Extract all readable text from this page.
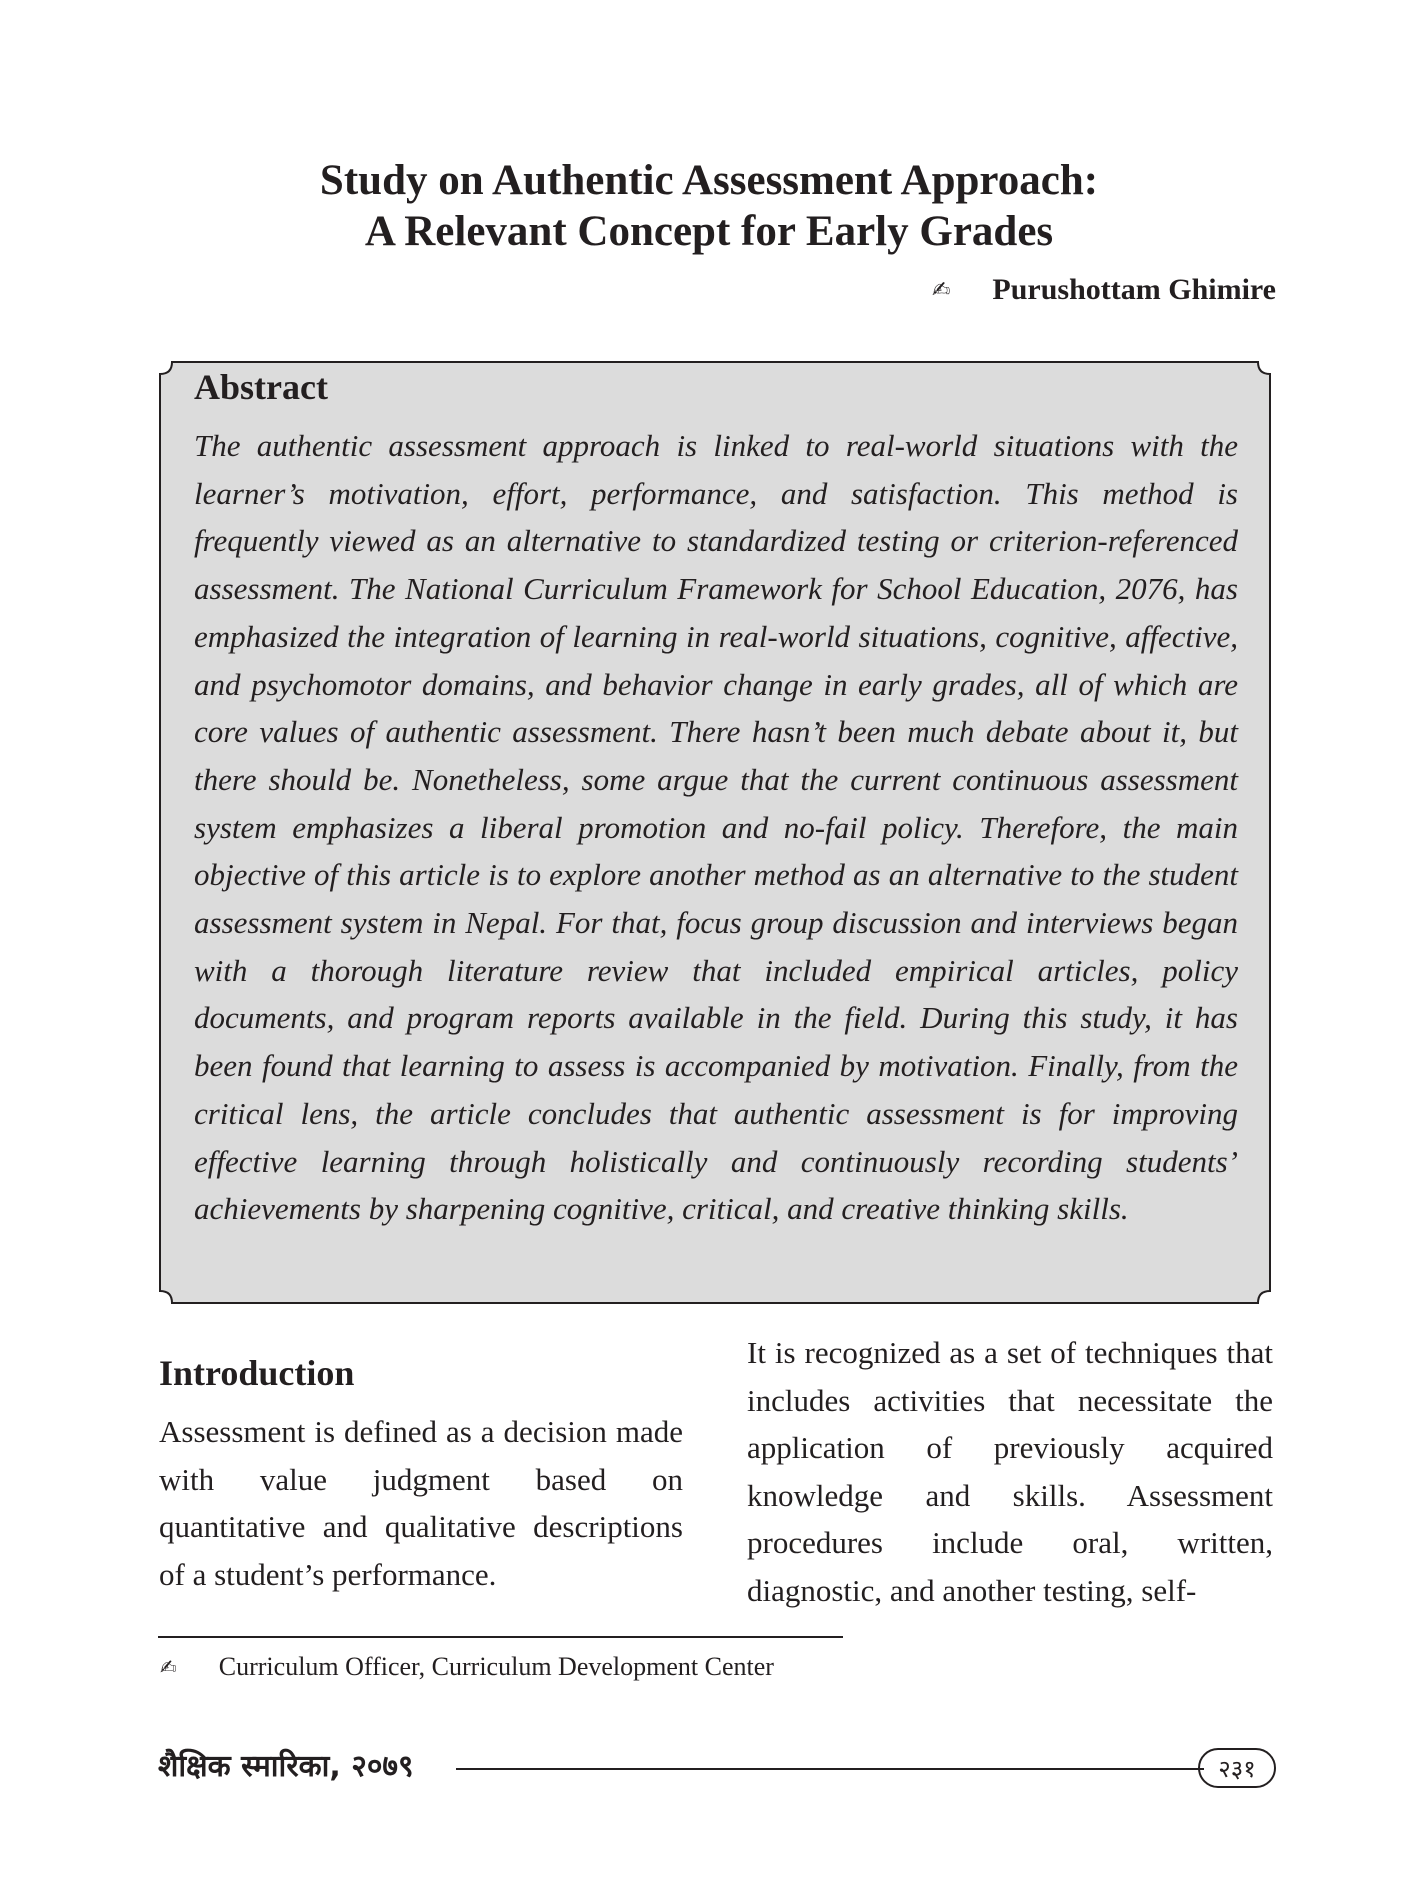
Study on Authentic Assessment Approach:
A Relevant Concept for Early Grades
✍ Purushottam Ghimire
Abstract
The authentic assessment approach is linked to real-world situations with the learner’s motivation, effort, performance, and satisfaction. This method is frequently viewed as an alternative to standardized testing or criterion-referenced assessment. The National Curriculum Framework for School Education, 2076, has emphasized the integration of learning in real-world situations, cognitive, affective, and psychomotor domains, and behavior change in early grades, all of which are core values of authentic assessment. There hasn’t been much debate about it, but there should be. Nonetheless, some argue that the current continuous assessment system emphasizes a liberal promotion and no-fail policy. Therefore, the main objective of this article is to explore another method as an alternative to the student assessment system in Nepal. For that, focus group discussion and interviews began with a thorough literature review that included empirical articles, policy documents, and program reports available in the field. During this study, it has been found that learning to assess is accompanied by motivation. Finally, from the critical lens, the article concludes that authentic assessment is for improving effective learning through holistically and continuously recording students’ achievements by sharpening cognitive, critical, and creative thinking skills.
Introduction

Assessment is defined as a decision made with value judgment based on quantitative and qualitative descriptions of a student’s performance.

It is recognized as a set of techniques that includes activities that necessitate the application of previously acquired knowledge and skills. Assessment procedures include oral, written, diagnostic, and another testing, self-

✍ Curriculum Officer, Curriculum Development Center
शैक्षिक स्मारिका, २०७९	२३१
